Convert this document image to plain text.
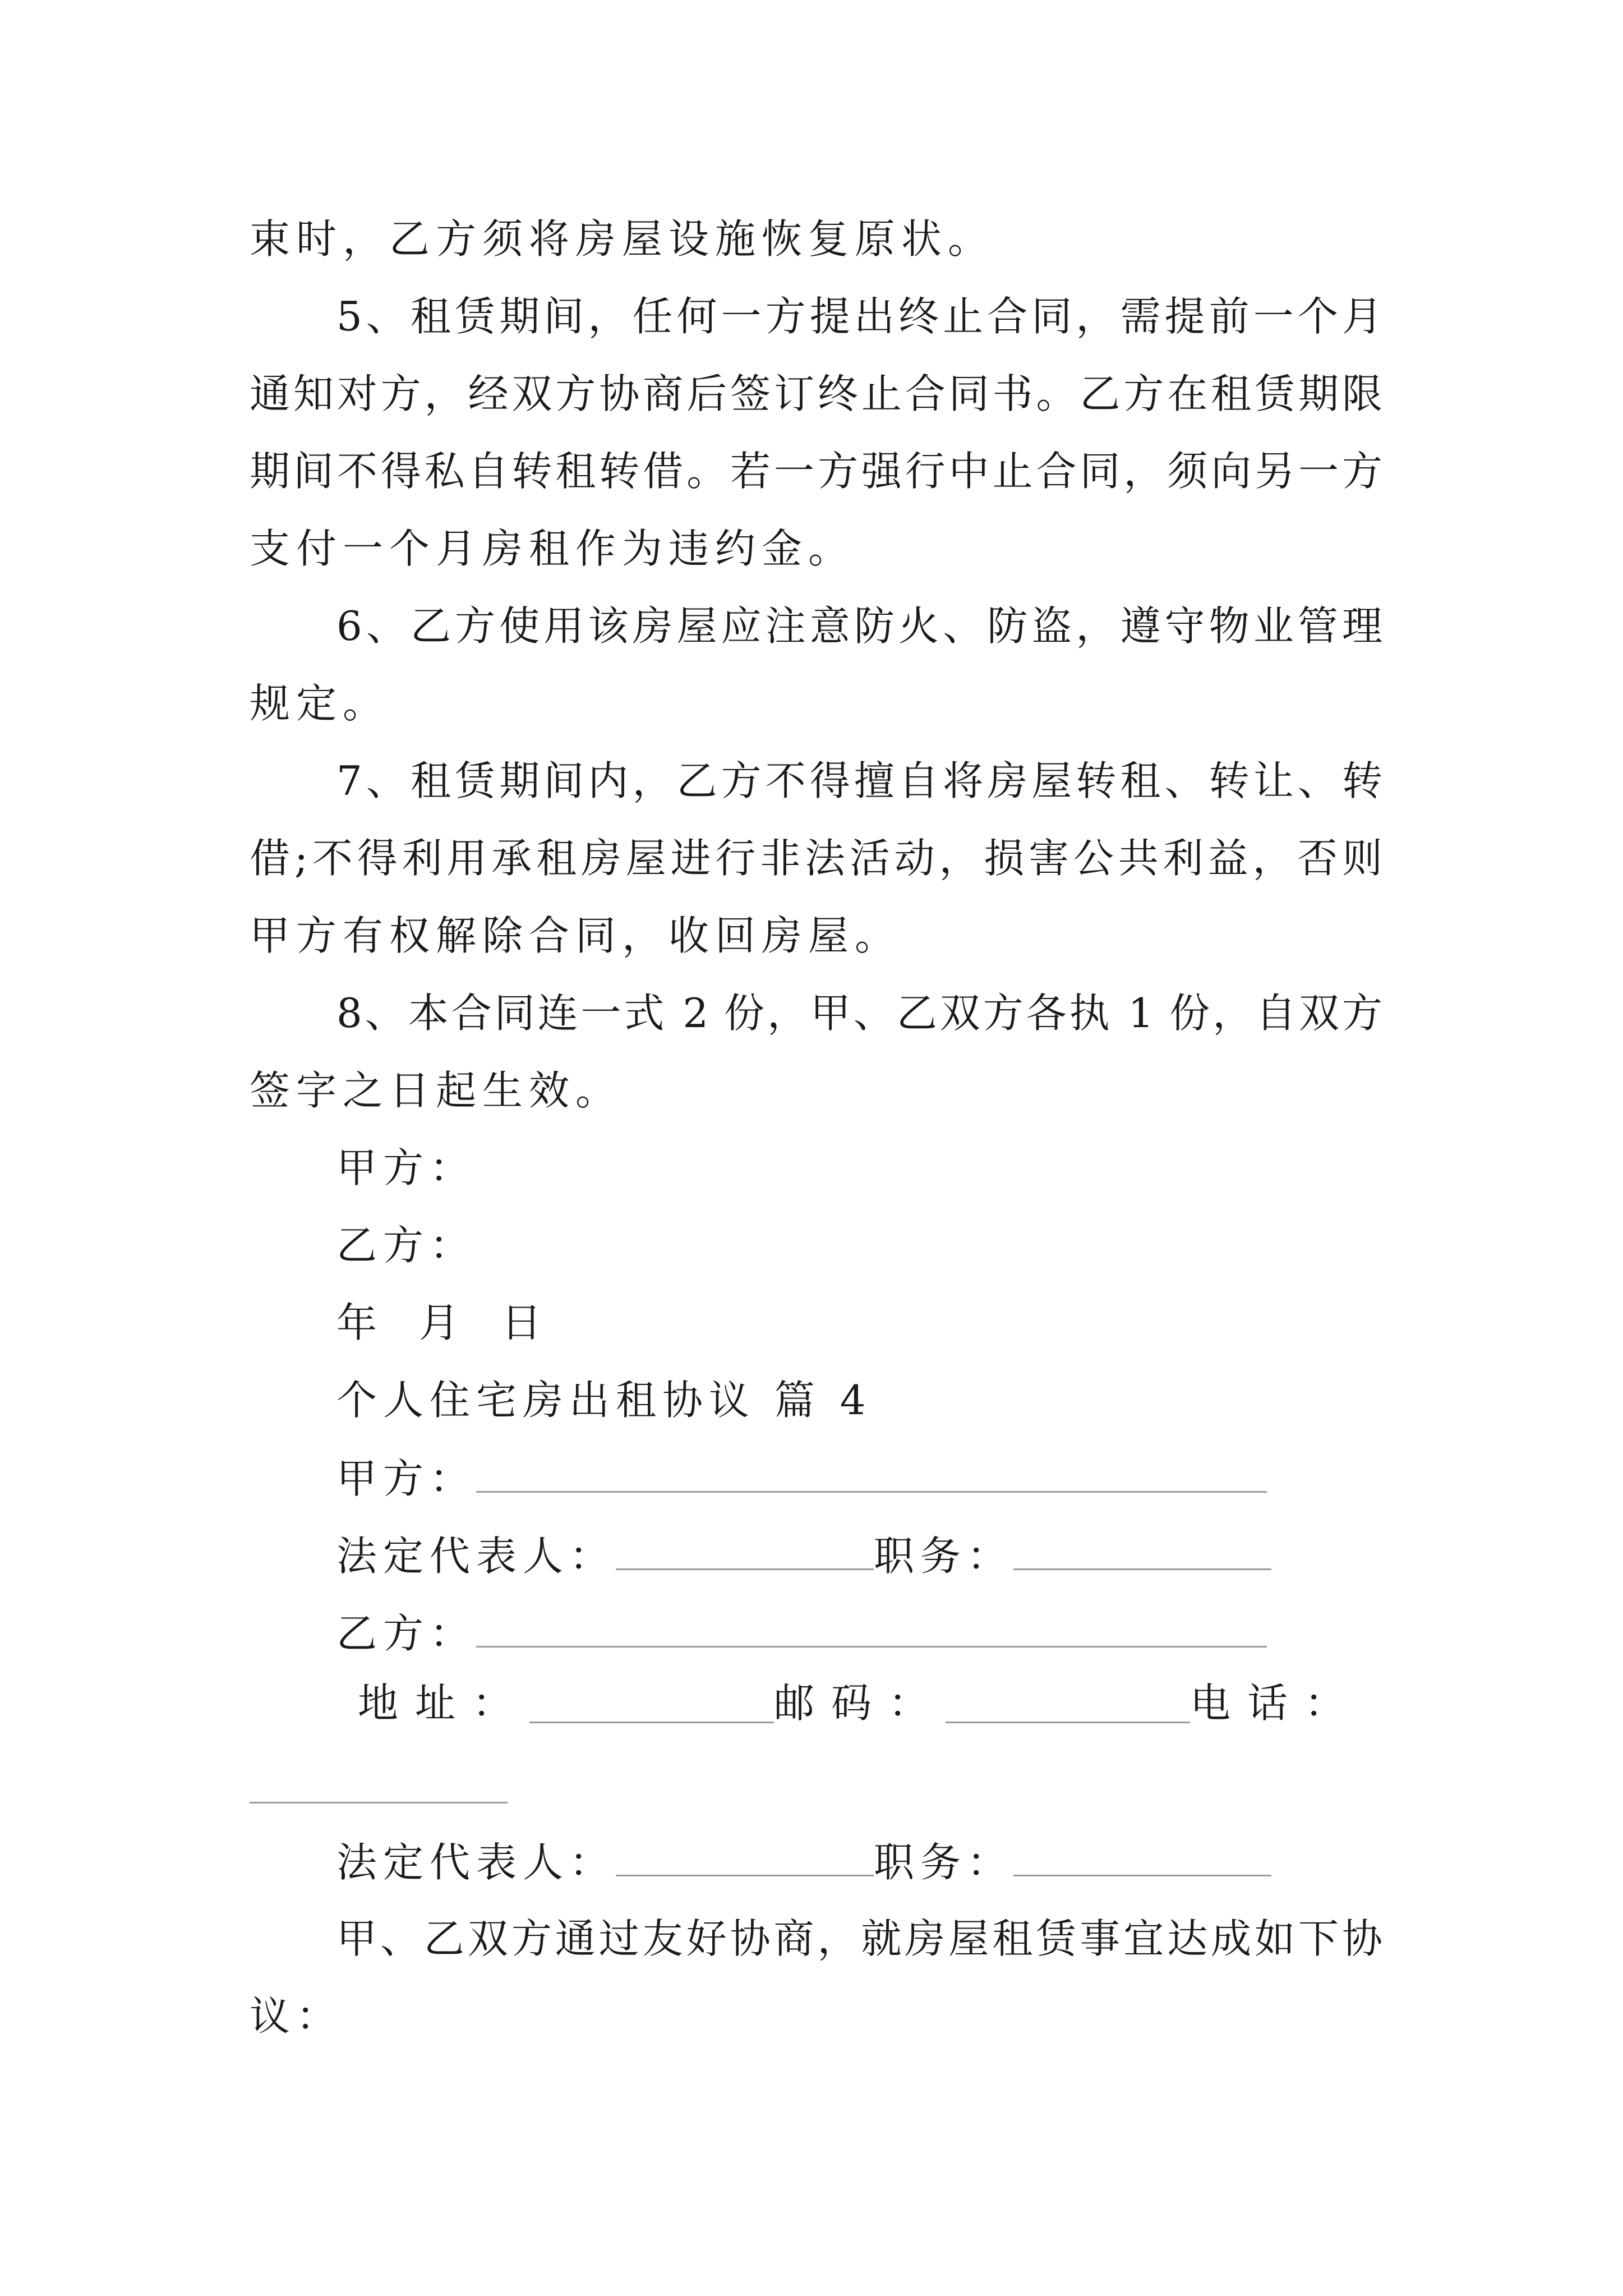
束时，乙方须将房屋设施恢复原状。
5、租赁期间，任何一方提出终止合同，需提前一个月
通知对方，经双方协商后签订终止合同书。乙方在租赁期限
期间不得私自转租转借。若一方强行中止合同，须向另一方
支付一个月房租作为违约金。
6、乙方使用该房屋应注意防火、防盗，遵守物业管理
规定。
7、租赁期间内，乙方不得擅自将房屋转租、转让、转
借;不得利用承租房屋进行非法活动，损害公共利益，否则
甲方有权解除合同，收回房屋。
8、本合同连一式 2 份，甲、乙双方各执 1 份，自双方
签字之日起生效。
甲方：
乙方：
年 月 日
个人住宅房出租协议 篇 4
甲方：
法定代表人：	职务：
乙方：
地址：	邮码：	电话：
法定代表人：	职务：
甲、乙双方通过友好协商，就房屋租赁事宜达成如下协
议：
